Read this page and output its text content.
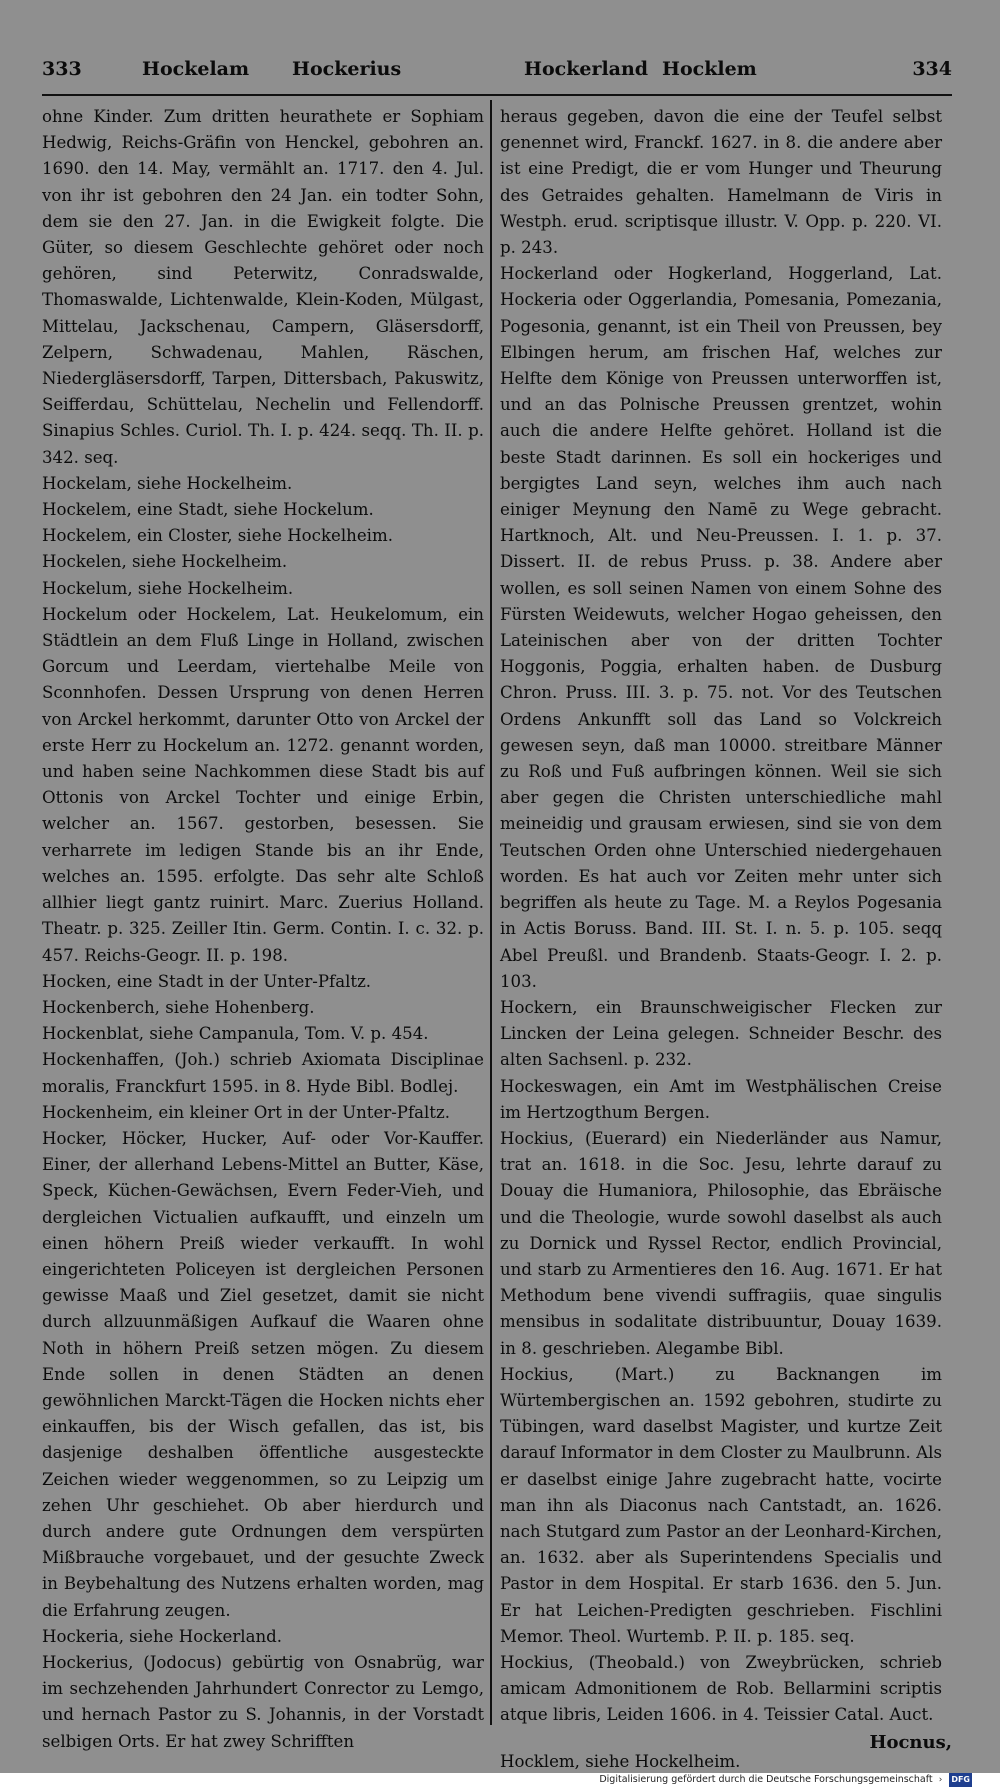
333	Hockelam Hockerius	Hockerland Hocklem	334

ohne Kinder. Zum dritten heurathete er Sophiam Hedwig, Reichs-Gräfin von Henckel, gebohren an. 1690. den 14. May, vermählt an. 1717. den 4. Jul. von ihr ist gebohren den 24 Jan. ein todter Sohn, dem sie den 27. Jan. in die Ewigkeit folgte. Die Güter, so diesem Geschlechte gehöret oder noch gehören, sind Peterwitz, Conradswalde, Thomaswalde, Lichtenwalde, Klein-Koden, Mülgast, Mittelau, Jackschenau, Campern, Gläsersdorff, Zelpern, Schwadenau, Mahlen, Räschen, Niedergläsersdorff, Tarpen, Dittersbach, Pakuswitz, Seifferdau, Schüttelau, Nechelin und Fellendorff. Sinapius Schles. Curiol. Th. I. p. 424. seqq. Th. II. p. 342. seq.

Hockelam, siehe Hockelheim.

Hockelem, eine Stadt, siehe Hockelum.

Hockelem, ein Closter, siehe Hockelheim.

Hockelen, siehe Hockelheim.

Hockelum, siehe Hockelheim.

Hockelum oder Hockelem, Lat. Heukelomum, ein Städtlein an dem Fluß Linge in Holland, zwischen Gorcum und Leerdam, viertehalbe Meile von Sconnhofen. Dessen Ursprung von denen Herren von Arckel herkommt, darunter Otto von Arckel der erste Herr zu Hockelum an. 1272. genannt worden, und haben seine Nachkommen diese Stadt bis auf Ottonis von Arckel Tochter und einige Erbin, welcher an. 1567. gestorben, besessen. Sie verharrete im ledigen Stande bis an ihr Ende, welches an. 1595. erfolgte. Das sehr alte Schloß allhier liegt gantz ruinirt. Marc. Zuerius Holland. Theatr. p. 325. Zeiller Itin. Germ. Contin. I. c. 32. p. 457. Reichs-Geogr. II. p. 198.

Hocken, eine Stadt in der Unter-Pfaltz.

Hockenberch, siehe Hohenberg.

Hockenblat, siehe Campanula, Tom. V. p. 454.

Hockenhaffen, (Joh.) schrieb Axiomata Disciplinae moralis, Franckfurt 1595. in 8. Hyde Bibl. Bodlej.

Hockenheim, ein kleiner Ort in der Unter-Pfaltz.

Hocker, Höcker, Hucker, Auf- oder Vor-Kauffer. Einer, der allerhand Lebens-Mittel an Butter, Käse, Speck, Küchen-Gewächsen, Evern Feder-Vieh, und dergleichen Victualien aufkaufft, und einzeln um einen höhern Preiß wieder verkaufft. In wohl eingerichteten Policeyen ist dergleichen Personen gewisse Maaß und Ziel gesetzet, damit sie nicht durch allzuunmäßigen Aufkauf die Waaren ohne Noth in höhern Preiß setzen mögen. Zu diesem Ende sollen in denen Städten an denen gewöhnlichen Marckt-Tägen die Hocken nichts eher einkauffen, bis der Wisch gefallen, das ist, bis dasjenige deshalben öffentliche ausgesteckte Zeichen wieder weggenommen, so zu Leipzig um zehen Uhr geschiehet. Ob aber hierdurch und durch andere gute Ordnungen dem verspürten Mißbrauche vorgebauet, und der gesuchte Zweck in Beybehaltung des Nutzens erhalten worden, mag die Erfahrung zeugen.

Hockeria, siehe Hockerland.

Hockerius, (Jodocus) gebürtig von Osnabrüg, war im sechzehenden Jahrhundert Conrector zu Lemgo, und hernach Pastor zu S. Johannis, in der Vorstadt selbigen Orts. Er hat zwey Schrifften

heraus gegeben, davon die eine der Teufel selbst genennet wird, Franckf. 1627. in 8. die andere aber ist eine Predigt, die er vom Hunger und Theurung des Getraides gehalten. Hamelmann de Viris in Westph. erud. scriptisque illustr. V. Opp. p. 220. VI. p. 243.

Hockerland oder Hogkerland, Hoggerland, Lat. Hockeria oder Oggerlandia, Pomesania, Pomezania, Pogesonia, genannt, ist ein Theil von Preussen, bey Elbingen herum, am frischen Haf, welches zur Helfte dem Könige von Preussen unterworffen ist, und an das Polnische Preussen grentzet, wohin auch die andere Helfte gehöret. Holland ist die beste Stadt darinnen. Es soll ein hockeriges und bergigtes Land seyn, welches ihm auch nach einiger Meynung den Namē zu Wege gebracht. Hartknoch, Alt. und Neu-Preussen. I. 1. p. 37. Dissert. II. de rebus Pruss. p. 38. Andere aber wollen, es soll seinen Namen von einem Sohne des Fürsten Weidewuts, welcher Hogao geheissen, den Lateinischen aber von der dritten Tochter Hoggonis, Poggia, erhalten haben. de Dusburg Chron. Pruss. III. 3. p. 75. not. Vor des Teutschen Ordens Ankunfft soll das Land so Volckreich gewesen seyn, daß man 10000. streitbare Männer zu Roß und Fuß aufbringen können. Weil sie sich aber gegen die Christen unterschiedliche mahl meineidig und grausam erwiesen, sind sie von dem Teutschen Orden ohne Unterschied niedergehauen worden. Es hat auch vor Zeiten mehr unter sich begriffen als heute zu Tage. M. a Reylos Pogesania in Actis Boruss. Band. III. St. I. n. 5. p. 105. seqq Abel Preußl. und Brandenb. Staats-Geogr. I. 2. p. 103.

Hockern, ein Braunschweigischer Flecken zur Lincken der Leina gelegen. Schneider Beschr. des alten Sachsenl. p. 232.

Hockeswagen, ein Amt im Westphälischen Creise im Hertzogthum Bergen.

Hockius, (Euerard) ein Niederländer aus Namur, trat an. 1618. in die Soc. Jesu, lehrte darauf zu Douay die Humaniora, Philosophie, das Ebräische und die Theologie, wurde sowohl daselbst als auch zu Dornick und Ryssel Rector, endlich Provincial, und starb zu Armentieres den 16. Aug. 1671. Er hat Methodum bene vivendi suffragiis, quae singulis mensibus in sodalitate distribuuntur, Douay 1639. in 8. geschrieben. Alegambe Bibl.

Hockius, (Mart.) zu Backnangen im Würtembergischen an. 1592 gebohren, studirte zu Tübingen, ward daselbst Magister, und kurtze Zeit darauf Informator in dem Closter zu Maulbrunn. Als er daselbst einige Jahre zugebracht hatte, vocirte man ihn als Diaconus nach Cantstadt, an. 1626. nach Stutgard zum Pastor an der Leonhard-Kirchen, an. 1632. aber als Superintendens Specialis und Pastor in dem Hospital. Er starb 1636. den 5. Jun. Er hat Leichen-Predigten geschrieben. Fischlini Memor. Theol. Wurtemb. P. II. p. 185. seq.

Hockius, (Theobald.) von Zweybrücken, schrieb amicam Admonitionem de Rob. Bellarmini scriptis atque libris, Leiden 1606. in 4. Teissier Catal. Auct.

Hocklem, siehe Hockelheim.

Hocnus,
Digitalisierung gefördert durch die Deutsche Forschungsgemeinschaft › DFG
